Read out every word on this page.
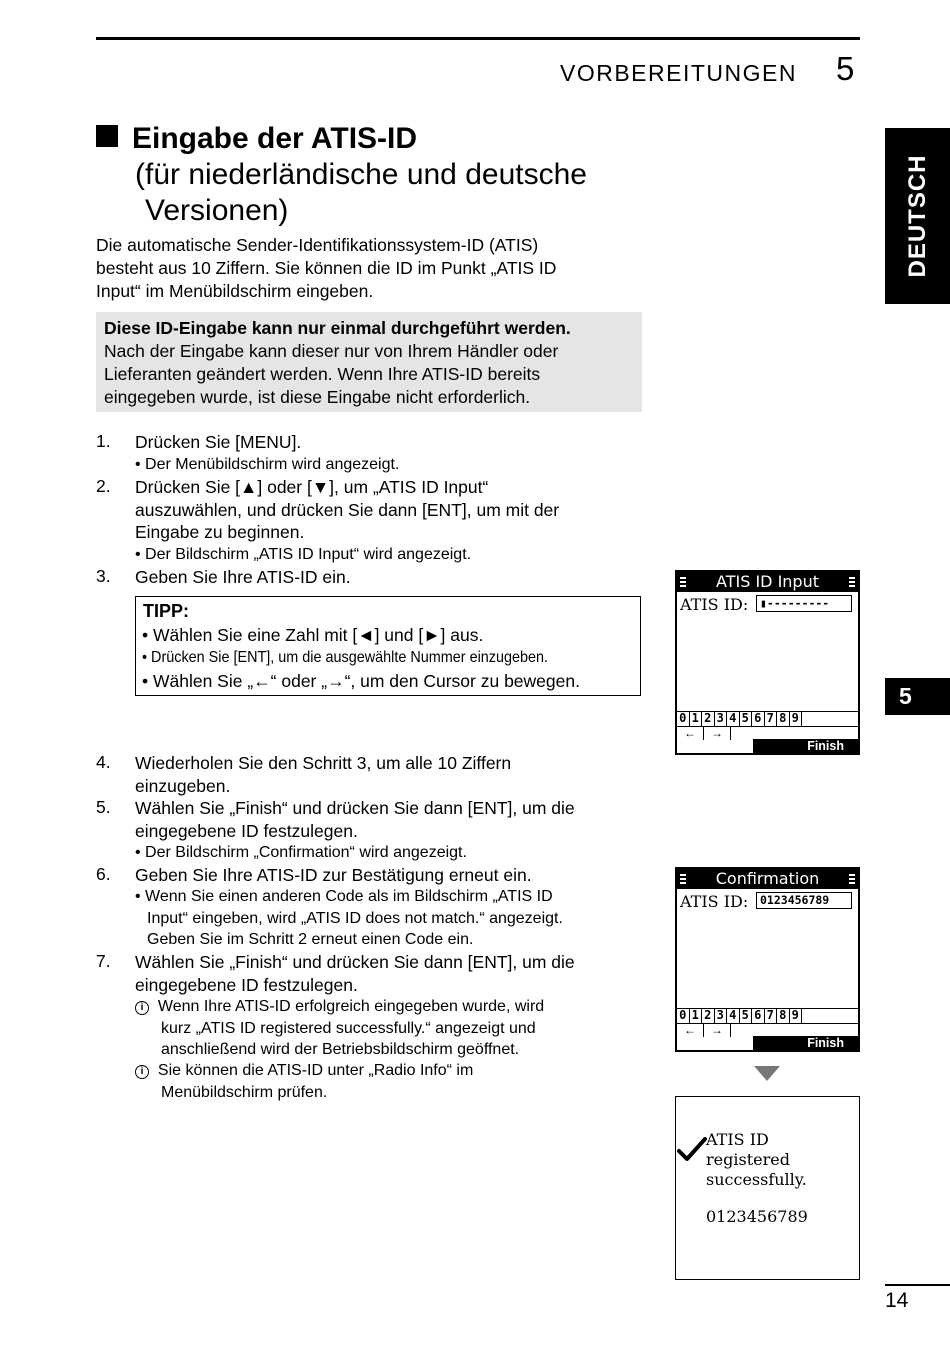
VORBEREITUNGEN 5
DEUTSCH
5
Eingabe der ATIS-ID
(für niederländische und deutsche
Versionen)
Die automatische Sender-Identifikationssystem-ID (ATIS)
besteht aus 10 Ziffern. Sie können die ID im Punkt „ATIS ID
Input“ im Menübildschirm eingeben.
Diese ID-Eingabe kann nur einmal durchgeführt werden.
Nach der Eingabe kann dieser nur von Ihrem Händler oder
Lieferanten geändert werden. Wenn Ihre ATIS-ID bereits
eingegeben wurde, ist diese Eingabe nicht erforderlich.
1. Drücken Sie [MENU].
• Der Menübildschirm wird angezeigt.
2. Drücken Sie [▲] oder [▼], um „ATIS ID Input“
auszuwählen, und drücken Sie dann [ENT], um mit der
Eingabe zu beginnen.
• Der Bildschirm „ATIS ID Input“ wird angezeigt.
3. Geben Sie Ihre ATIS-ID ein.
TIPP:
• Wählen Sie eine Zahl mit [◄] und [►] aus.
• Drücken Sie [ENT], um die ausgewählte Nummer einzugeben.
• Wählen Sie „←“ oder „→“, um den Cursor zu bewegen.
4. Wiederholen Sie den Schritt 3, um alle 10 Ziffern
einzugeben.
5. Wählen Sie „Finish“ und drücken Sie dann [ENT], um die
eingegebene ID festzulegen.
• Der Bildschirm „Confirmation“ wird angezeigt.
6. Geben Sie Ihre ATIS-ID zur Bestätigung erneut ein.
• Wenn Sie einen anderen Code als im Bildschirm „ATIS ID
Input“ eingeben, wird „ATIS ID does not match.“ angezeigt.
Geben Sie im Schritt 2 erneut einen Code ein.
7. Wählen Sie „Finish“ und drücken Sie dann [ENT], um die
eingegebene ID festzulegen.
i Wenn Ihre ATIS-ID erfolgreich eingegeben wurde, wird
kurz „ATIS ID registered successfully.“ angezeigt und
anschließend wird der Betriebsbildschirm geöffnet.
i Sie können die ATIS-ID unter „Radio Info“ im
Menübildschirm prüfen.
ATIS ID Input
ATIS ID:	▮---------
0 1 2 3 4 5 6 7 8 9
←	→
Finish
Confirmation
ATIS ID:	0123456789
0 1 2 3 4 5 6 7 8 9
←	→
Finish
ATIS ID
registered
successfully.
0123456789
14
